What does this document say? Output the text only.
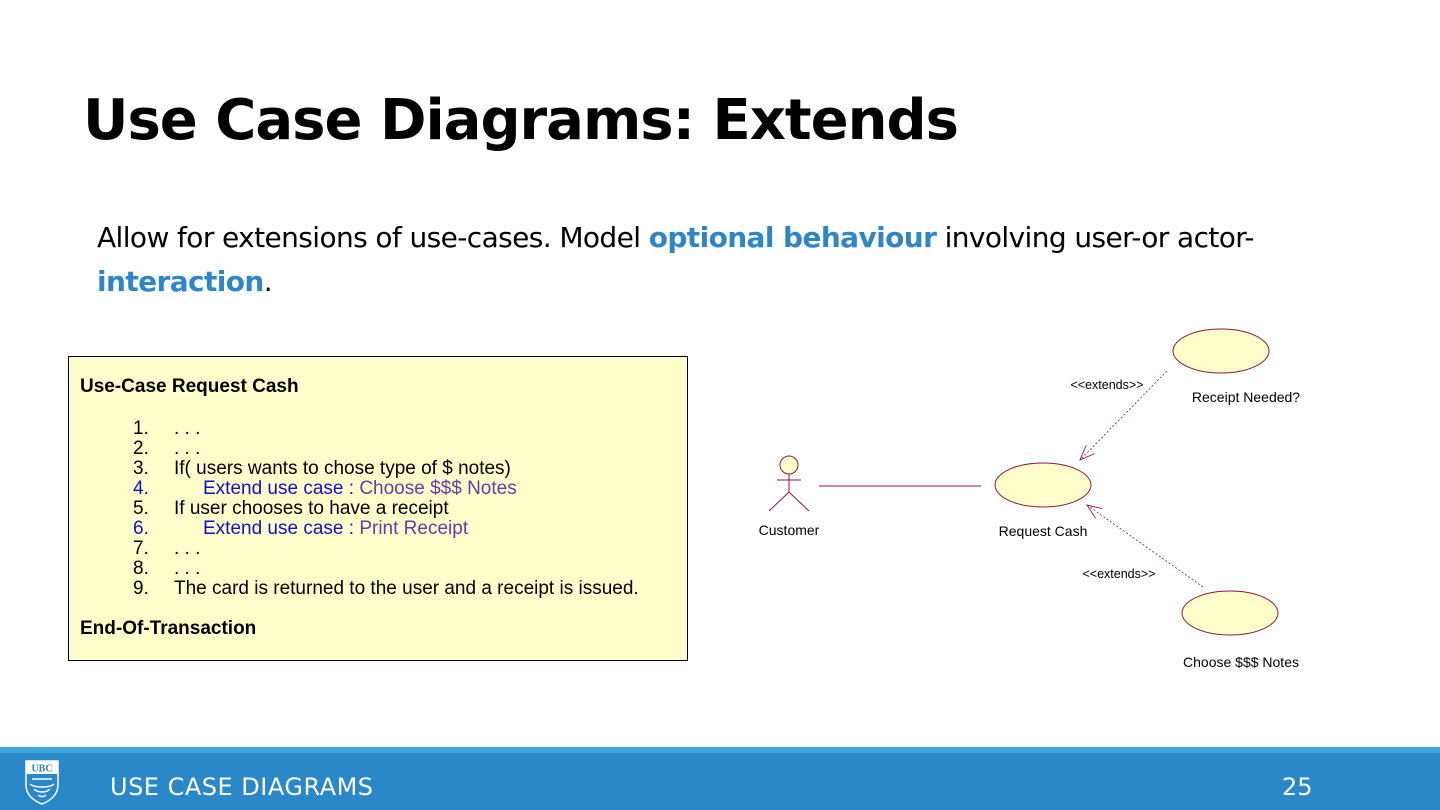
Use Case Diagrams: Extends

Allow for extensions of use-cases. Model optional behaviour involving user-or actor-interaction.

Use-Case Request Cash
1. . . .
2. . . .
3. If( users wants to chose type of $ notes)
4.	Extend use case : Choose $$$ Notes
5. If user chooses to have a receipt
6.	Extend use case : Print Receipt
7. . . .
8. . . .
9. The card is returned to the user and a receipt is issued.
End-Of-Transaction
Customer	Request Cash
Receipt Needed?
Choose $$$ Notes
<<extends>>
<<extends>>
UBC
USE CASE DIAGRAMS	25
